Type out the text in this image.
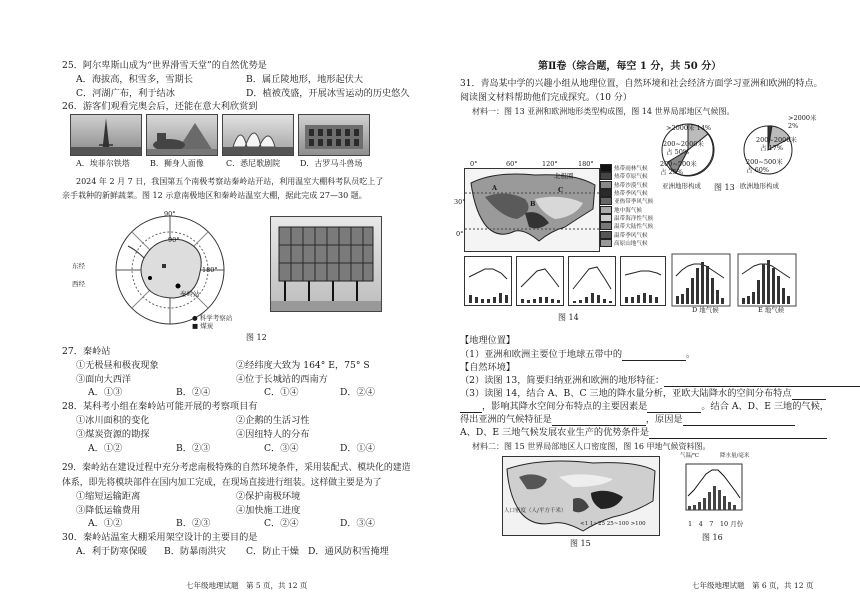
25．阿尔卑斯山成为“世界滑雪天堂”的自然优势是
A．海拔高，积雪多，雪期长	B．属丘陵地形，地形起伏大
C．河湖广布，利于结冰	D．植被茂盛，开展冰雪运动的历史悠久
26．游客们观看完奥会后，还能在意大利欣赏到
A．埃菲尔铁塔	B．狮身人面像	C．悉尼歌剧院 D．古罗马斗兽场
2024 年 2 月 7 日，我国第五个南极考察站秦岭站开站，利用温室大棚科考队员吃上了
亲手栽种的新鲜蔬菜。图 12 示意南极地区和秦岭站温室大棚，据此完成 27—30 题。
90°
180°
东经
西经
90°
秦岭站
● 科学考察站
■ 煤炭
图 12
27．秦岭站
①无极昼和极夜现象	②经纬度大致为 164° E，75° S
③面向大西洋	④位于长城站的西南方
A．①③	B．②④	C．①④	D．②④
28．某科考小组在秦岭站可能开展的考察项目有
①冰川面积的变化	②企鹅的生活习性
③煤炭资源的勘探	④因纽特人的分布
A．①②	B．②③	C．③④	D．①④
29．秦岭站在建设过程中充分考虑南极特殊的自然环境条件，采用装配式、模块化的建造
体系，即先将模块部件在国内加工完成，在现场直接进行组装。这样做主要是为了
①缩短运输距离	②保护南极环境
③降低运输费用	④加快施工进度
A．①②	B．②③	C．②④	D．③④
30．秦岭站温室大棚采用架空设计的主要目的是
A．利于防寒保暖 B．防暴雨洪灾 C．防止干燥 D．通风防积雪掩埋
七年级地理试题　第 5 页，共 12 页
第Ⅱ卷（综合题，每空 1 分，共 50 分）
31．青岛某中学的兴趣小组从地理位置，自然环境和社会经济方面学习亚洲和欧洲的特点。
阅读图文材料帮助他们完成探究。（10 分）
材料一：图 13 亚洲和欧洲地形类型构成图，图 14 世界局部地区气候图。
>2000米 14%
200~2000米
占 50%
200~500米
占 25%
亚洲地形构成
>2000米
2%
200~2000米
占 17%
200~500米
占 60%
欧洲地形构成
图 13
0°	60°	120°	180°
30°
0°
北极圈
A
B
C
热带雨林气候
热带草原气候
热带沙漠气候
热带季风气候
亚热带季风气候
地中海气候
温带海洋性气候
温带大陆性气候
温带季风气候
高原山地气候
D 地气候	E 地气候
图 14
【地理位置】
（1）亚洲和欧洲主要位于地球五带中的	。
【自然环境】
（2）读图 13，简要归纳亚洲和欧洲的地形特征：
（3）读图 14，结合 A、B、C 三地的降水量分析，亚欧大陆降水的空间分布特点
，影响其降水空间分布特点的主要因素是	。结合 A、D、E 三地的气候，
得出亚洲的气候特征是	，原因是
A、D、E 三地气候发展农业生产的优势条件是
材料二：图 15 世界局部地区人口密度图，图 16 甲地气候资料图。
人口密度（人/平方千米）
<1 1~25 25~100 >100
图 15
气温/℃	降水量/毫米
1　4　7　10 月份
图 16
七年级地理试题　第 6 页，共 12 页
